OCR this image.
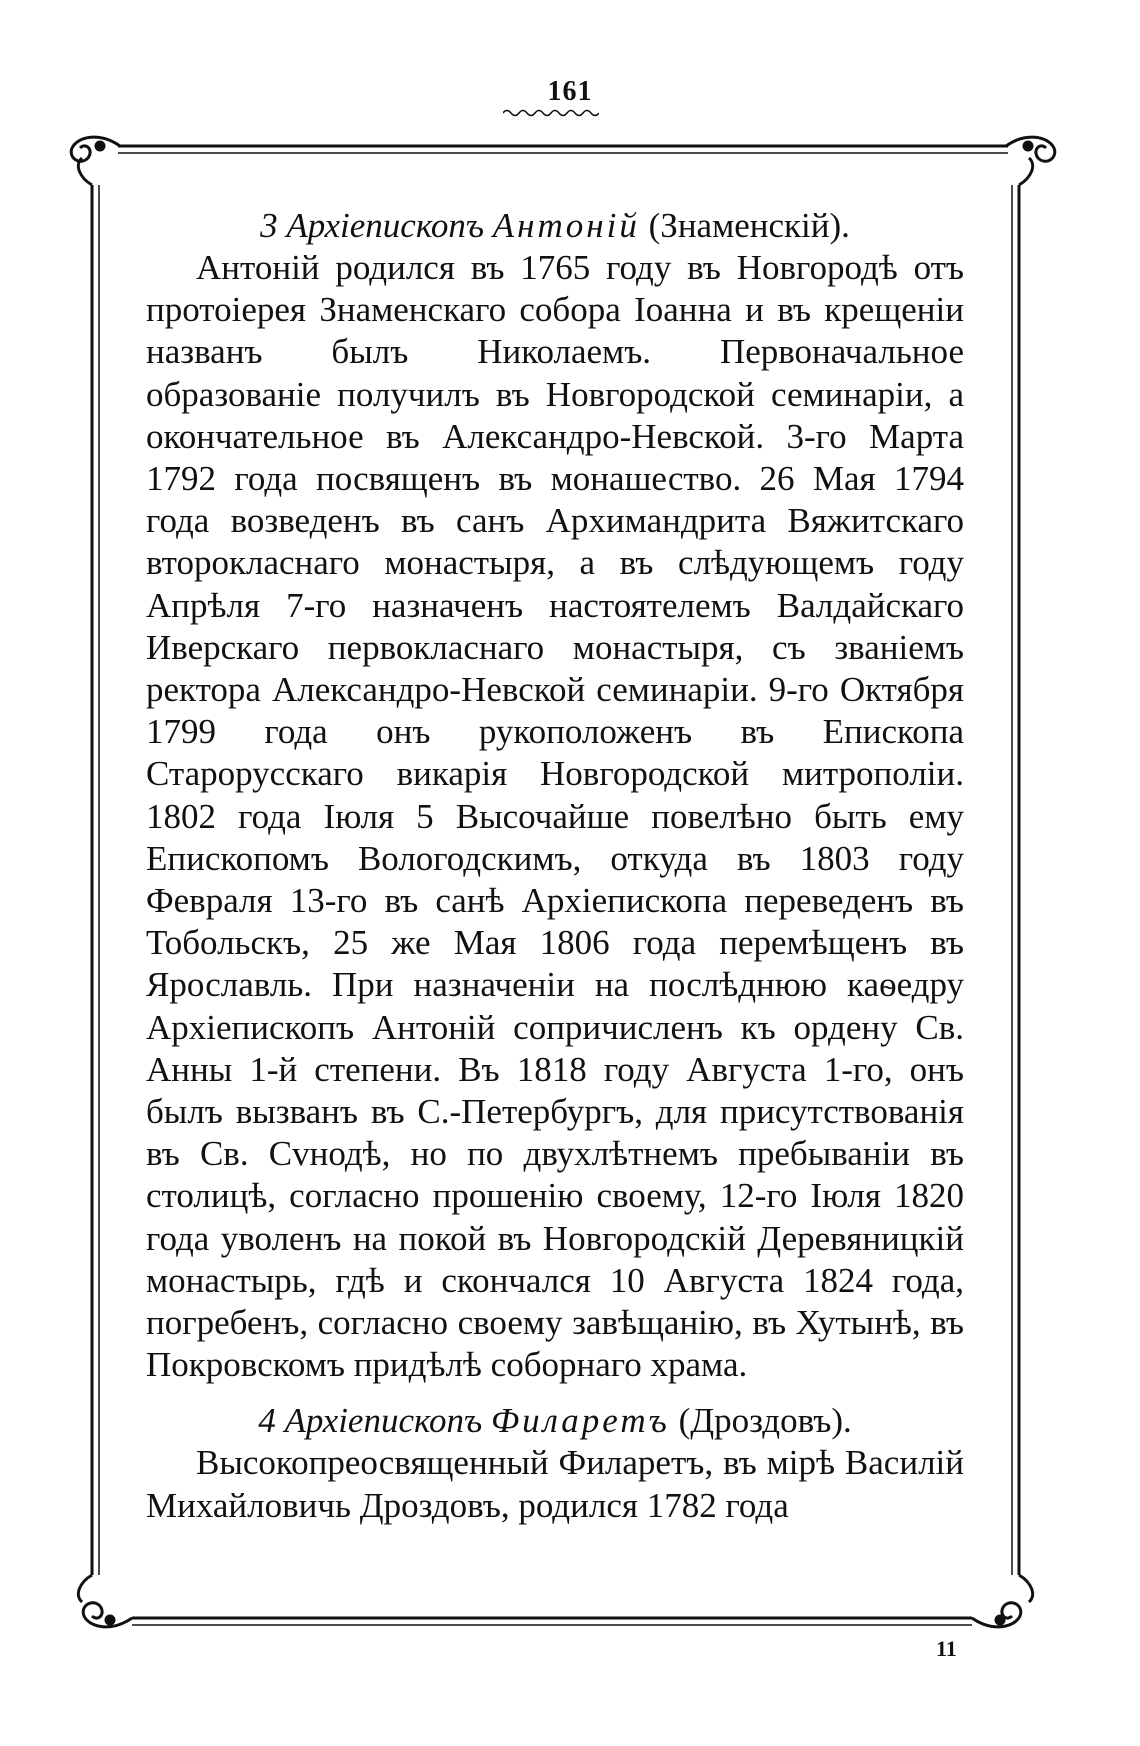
161

3 Архіепископъ Антоній (Знаменскій).

Антоній родился въ 1765 году въ Новгородѣ отъ протоіерея Знаменскаго собора Іоанна и въ крещеніи названъ былъ Николаемъ. Первоначальное образованіе получилъ въ Новгородской семинаріи, а окончательное въ Александро-Невской. 3-го Марта 1792 года посвященъ въ монашество. 26 Мая 1794 года возведенъ въ санъ Архимандрита Вяжитскаго второкласнаго монастыря, а въ слѣдующемъ году Апрѣля 7-го назначенъ настоятелемъ Валдайскаго Иверскаго первокласнаго монастыря, съ званіемъ ректора Александро-Невской семинаріи. 9-го Октября 1799 года онъ рукоположенъ въ Епископа Старорусскаго викарія Новгородской митрополіи. 1802 года Іюля 5 Высочайше повелѣно быть ему Епископомъ Вологодскимъ, откуда въ 1803 году Февраля 13-го въ санѣ Архіепископа переведенъ въ Тобольскъ, 25 же Мая 1806 года перемѣщенъ въ Ярославль. При назначеніи на послѣднюю каѳедру Архіепископъ Антоній сопричисленъ къ ордену Св. Анны 1-й степени. Въ 1818 году Августа 1-го, онъ былъ вызванъ въ С.-Петербургъ, для присутствованія въ Св. Сvнодѣ, но по двухлѣтнемъ пребываніи въ столицѣ, согласно прошенію своему, 12-го Іюля 1820 года уволенъ на покой въ Новгородскій Деревяницкій монастырь, гдѣ и скончался 10 Августа 1824 года, погребенъ, согласно своему завѣщанію, въ Хутынѣ, въ Покровскомъ придѣлѣ соборнаго храма.

4 Архіепископъ Филаретъ (Дроздовъ).

Высокопреосвященный Филаретъ, въ мірѣ Василій Михайловичь Дроздовъ, родился 1782 года

11
